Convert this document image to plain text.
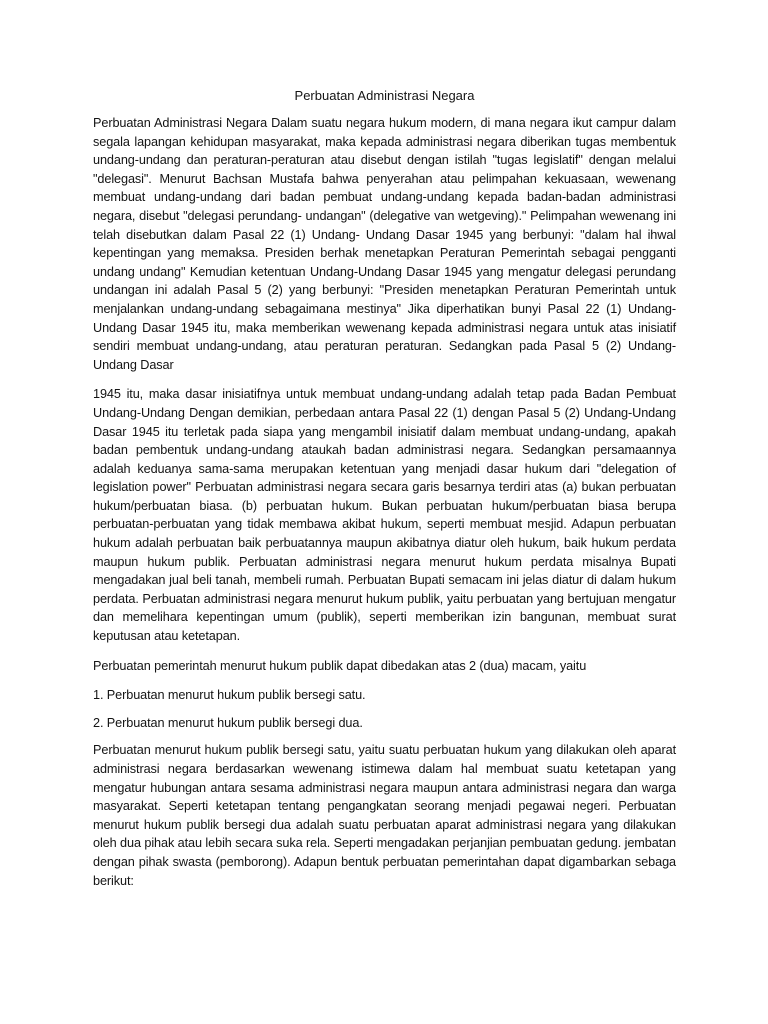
Perbuatan Administrasi Negara

Perbuatan Administrasi Negara Dalam suatu negara hukum modern, di mana negara ikut campur dalam segala lapangan kehidupan masyarakat, maka kepada administrasi negara diberikan tugas membentuk undang-undang dan peraturan-peraturan atau disebut dengan istilah "tugas legislatif" dengan melalui "delegasi". Menurut Bachsan Mustafa bahwa penyerahan atau pelimpahan kekuasaan, wewenang membuat undang-undang dari badan pembuat undang-undang kepada badan-badan administrasi negara, disebut "delegasi perundang- undangan" (delegative van wetgeving)." Pelimpahan wewenang ini telah disebutkan dalam Pasal 22 (1) Undang- Undang Dasar 1945 yang berbunyi: "dalam hal ihwal kepentingan yang memaksa. Presiden berhak menetapkan Peraturan Pemerintah sebagai pengganti undang undang" Kemudian ketentuan Undang-Undang Dasar 1945 yang mengatur delegasi perundang undangan ini adalah Pasal 5 (2) yang berbunyi: "Presiden menetapkan Peraturan Pemerintah untuk menjalankan undang-undang sebagaimana mestinya" Jika diperhatikan bunyi Pasal 22 (1) Undang-Undang Dasar 1945 itu, maka memberikan wewenang kepada administrasi negara untuk atas inisiatif sendiri membuat undang-undang, atau peraturan peraturan. Sedangkan pada Pasal 5 (2) Undang-Undang Dasar

1945 itu, maka dasar inisiatifnya untuk membuat undang-undang adalah tetap pada Badan Pembuat Undang-Undang Dengan demikian, perbedaan antara Pasal 22 (1) dengan Pasal 5 (2) Undang-Undang Dasar 1945 itu terletak pada siapa yang mengambil inisiatif dalam membuat undang-undang, apakah badan pembentuk undang-undang ataukah badan administrasi negara. Sedangkan persamaannya adalah keduanya sama-sama merupakan ketentuan yang menjadi dasar hukum dari "delegation of legislation power" Perbuatan administrasi negara secara garis besarnya terdiri atas (a) bukan perbuatan hukum/perbuatan biasa. (b) perbuatan hukum. Bukan perbuatan hukum/perbuatan biasa berupa perbuatan-perbuatan yang tidak membawa akibat hukum, seperti membuat mesjid. Adapun perbuatan hukum adalah perbuatan baik perbuatannya maupun akibatnya diatur oleh hukum, baik hukum perdata maupun hukum publik. Perbuatan administrasi negara menurut hukum perdata misalnya Bupati mengadakan jual beli tanah, membeli rumah. Perbuatan Bupati semacam ini jelas diatur di dalam hukum perdata. Perbuatan administrasi negara menurut hukum publik, yaitu perbuatan yang bertujuan mengatur dan memelihara kepentingan umum (publik), seperti memberikan izin bangunan, membuat surat keputusan atau ketetapan.

Perbuatan pemerintah menurut hukum publik dapat dibedakan atas 2 (dua) macam, yaitu

1. Perbuatan menurut hukum publik bersegi satu.

2. Perbuatan menurut hukum publik bersegi dua.

Perbuatan menurut hukum publik bersegi satu, yaitu suatu perbuatan hukum yang dilakukan oleh aparat administrasi negara berdasarkan wewenang istimewa dalam hal membuat suatu ketetapan yang mengatur hubungan antara sesama administrasi negara maupun antara administrasi negara dan warga masyarakat. Seperti ketetapan tentang pengangkatan seorang menjadi pegawai negeri. Perbuatan menurut hukum publik bersegi dua adalah suatu perbuatan aparat administrasi negara yang dilakukan oleh dua pihak atau lebih secara suka rela. Seperti mengadakan perjanjian pembuatan gedung. jembatan dengan pihak swasta (pemborong). Adapun bentuk perbuatan pemerintahan dapat digambarkan sebaga berikut:
